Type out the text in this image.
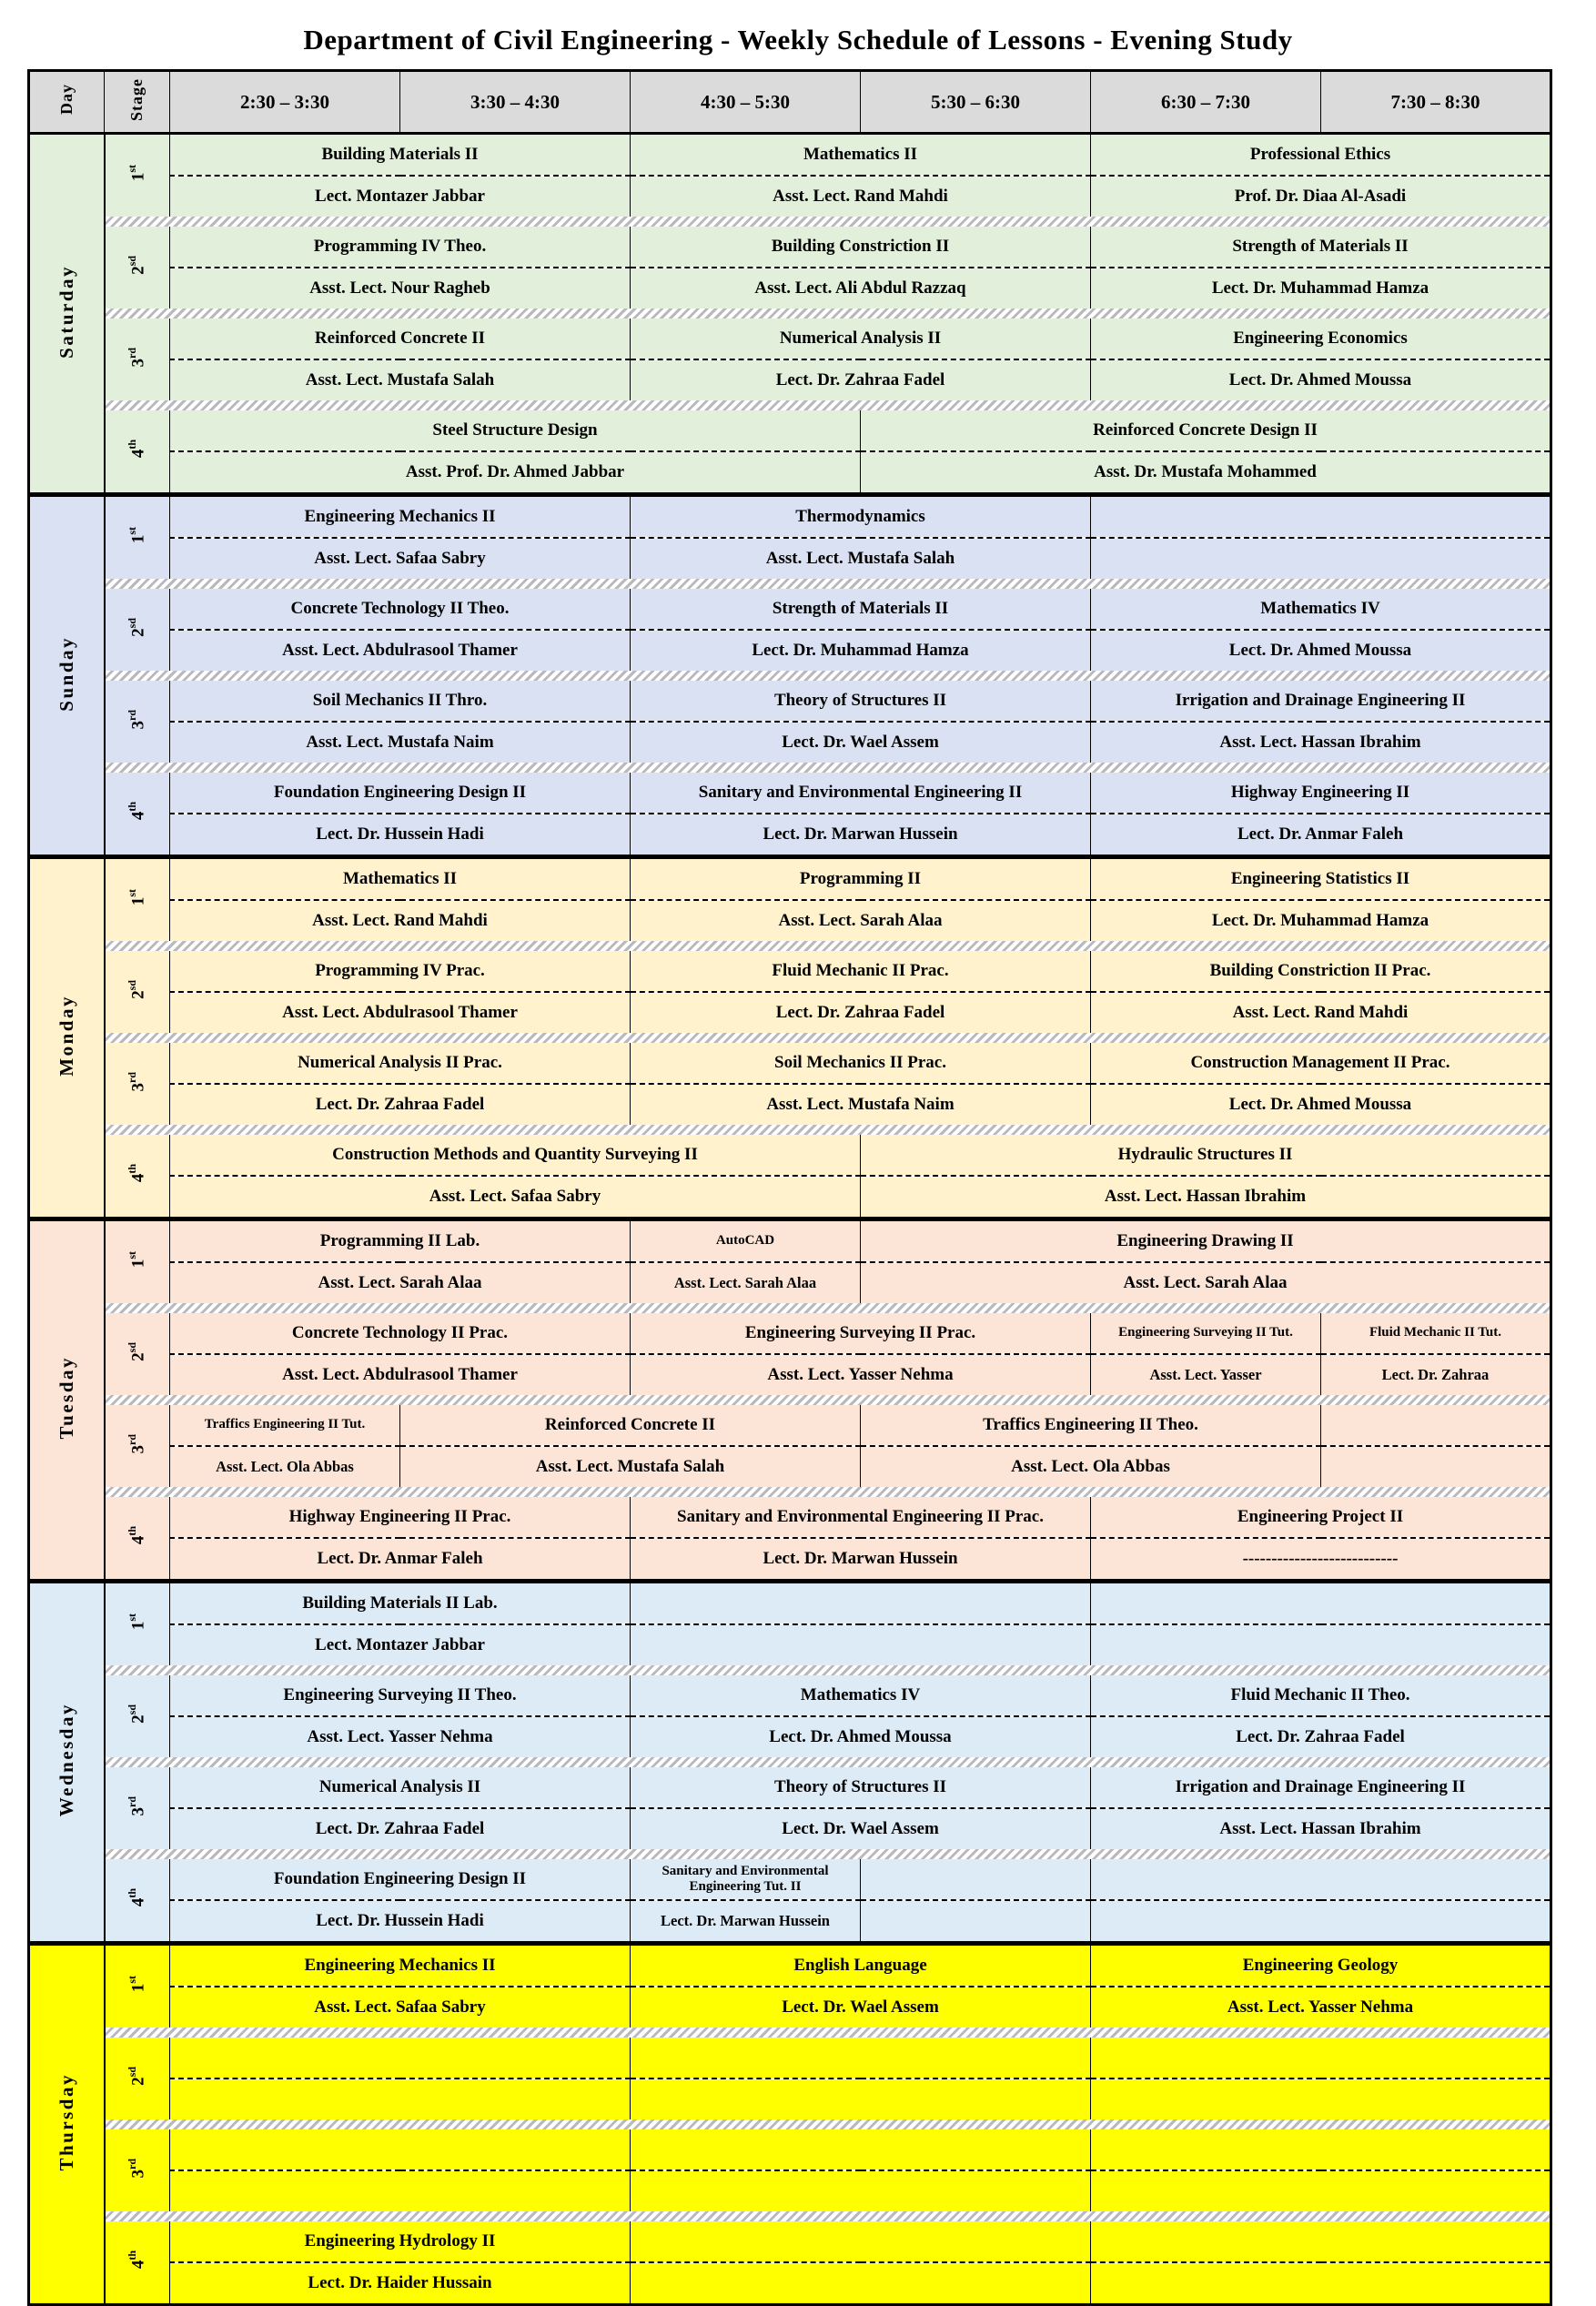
Department of Civil Engineering - Weekly Schedule of Lessons - Evening Study
Day	Stage	2:30 – 3:30	3:30 – 4:30	4:30 – 5:30	5:30 – 6:30	6:30 – 7:30	7:30 – 8:30
Saturday	1st	Building Materials II		Mathematics II		Professional Ethics	
		Lect. Montazer Jabbar		Asst. Lect. Rand Mahdi		Prof. Dr. Diaa Al-Asadi	

	$2^{sd}$	Programming IV Theo.		Building Constriction II		Strength of Materials II	
		Asst. Lect. Nour Ragheb		Asst. Lect. Ali Abdul Razzaq		Lect. Dr. Muhammad Hamza	

	3rd	Reinforced Concrete II		Numerical Analysis II		Engineering Economics	
		Asst. Lect. Mustafa Salah		Lect. Dr. Zahraa Fadel		Lect. Dr. Ahmed Moussa	

	4th	Steel Structure Design			Reinforced Concrete Design II		
		Asst. Prof. Dr. Ahmed Jabbar			Asst. Dr. Mustafa Mohammed		

Sunday	1st	Engineering Mechanics II		Thermodynamics			
		Asst. Lect. Safaa Sabry		Asst. Lect. Mustafa Salah			

	$2^{sd}$	Concrete Technology II Theo.		Strength of Materials II		Mathematics IV	
		Asst. Lect. Abdulrasool Thamer		Lect. Dr. Muhammad Hamza		Lect. Dr. Ahmed Moussa	

	3rd	Soil Mechanics II Thro.		Theory of Structures II		Irrigation and Drainage Engineering II	
		Asst. Lect. Mustafa Naim		Lect. Dr. Wael Assem		Asst. Lect. Hassan Ibrahim	

	4th	Foundation Engineering Design II		Sanitary and Environmental Engineering II		Highway Engineering II	
		Lect. Dr. Hussein Hadi		Lect. Dr. Marwan Hussein		Lect. Dr. Anmar Faleh	

Monday	1st	Mathematics II		Programming II		Engineering Statistics II	
		Asst. Lect. Rand Mahdi		Asst. Lect. Sarah Alaa		Lect. Dr. Muhammad Hamza	

	$2^{sd}$	Programming IV Prac.		Fluid Mechanic II Prac.		Building Constriction II Prac.	
		Asst. Lect. Abdulrasool Thamer		Lect. Dr. Zahraa Fadel		Asst. Lect. Rand Mahdi	

	3rd	Numerical Analysis II Prac.		Soil Mechanics II Prac.		Construction Management II Prac.	
		Lect. Dr. Zahraa Fadel		Asst. Lect. Mustafa Naim		Lect. Dr. Ahmed Moussa	

	4th	Construction Methods and Quantity Surveying II			Hydraulic Structures II		
		Asst. Lect. Safaa Sabry			Asst. Lect. Hassan Ibrahim		

Tuesday	1st	Programming II Lab.		AutoCAD	Engineering Drawing II		
		Asst. Lect. Sarah Alaa		Asst. Lect. Sarah Alaa	Asst. Lect. Sarah Alaa		

	$2^{sd}$	Concrete Technology II Prac.		Engineering Surveying II Prac.		Engineering Surveying II Tut.	Fluid Mechanic II Tut.
		Asst. Lect. Abdulrasool Thamer		Asst. Lect. Yasser Nehma		Asst. Lect. Yasser	Lect. Dr. Zahraa

	3rd	Traffics Engineering II Tut.	Reinforced Concrete II		Traffics Engineering II Theo.		
		Asst. Lect. Ola Abbas	Asst. Lect. Mustafa Salah		Asst. Lect. Ola Abbas		

	4th	Highway Engineering II Prac.		Sanitary and Environmental Engineering II Prac.		Engineering Project II	
		Lect. Dr. Anmar Faleh		Lect. Dr. Marwan Hussein		---------------------------	

Wednesday	1st	Building Materials II Lab.					
		Lect. Montazer Jabbar					

	$2^{sd}$	Engineering Surveying II Theo.		Mathematics IV		Fluid Mechanic II Theo.	
		Asst. Lect. Yasser Nehma		Lect. Dr. Ahmed Moussa		Lect. Dr. Zahraa Fadel	

	3rd	Numerical Analysis II		Theory of Structures II		Irrigation and Drainage Engineering II	
		Lect. Dr. Zahraa Fadel		Lect. Dr. Wael Assem		Asst. Lect. Hassan Ibrahim	

	4th	Foundation Engineering Design II		Sanitary and Environmental Engineering Tut. II			
		Lect. Dr. Hussein Hadi		Lect. Dr. Marwan Hussein			

Thursday	1st	Engineering Mechanics II		English Language		Engineering Geology	
		Asst. Lect. Safaa Sabry		Lect. Dr. Wael Assem		Asst. Lect. Yasser Nehma	

	$2^{sd}$			

	3rd			

	4th	Engineering Hydrology II					
		Lect. Dr. Haider Hussain					
